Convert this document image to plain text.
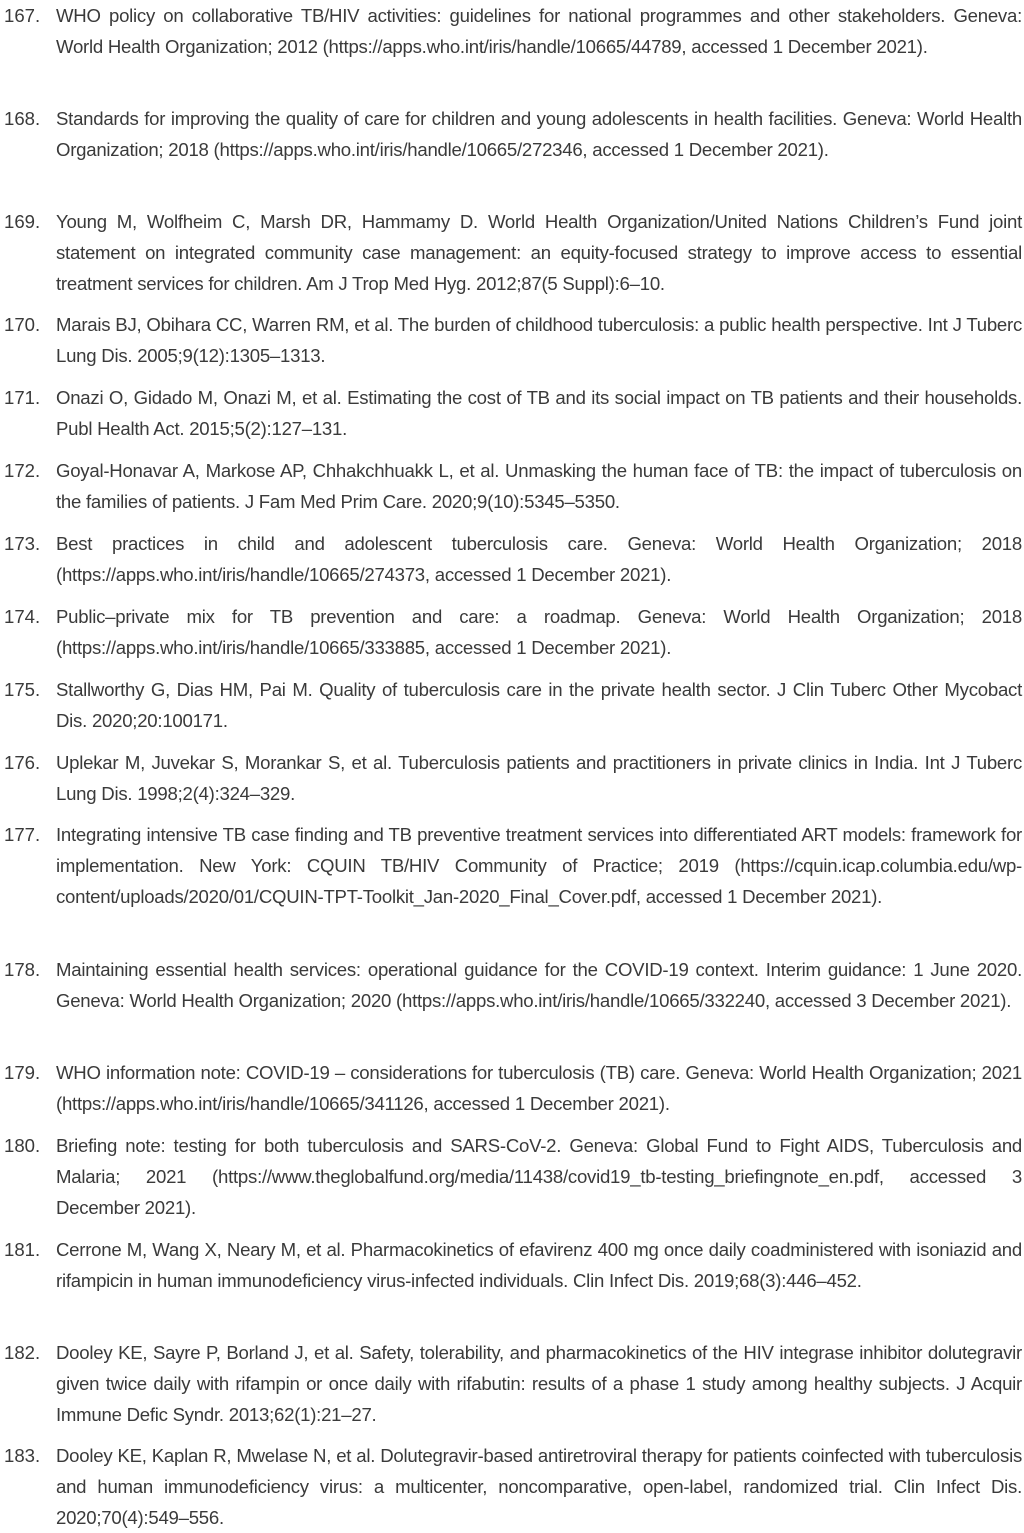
167. WHO policy on collaborative TB/HIV activities: guidelines for national programmes and other stakeholders. Geneva: World Health Organization; 2012 (https://apps.who.int/iris/handle/10665/44789, accessed 1 December 2021).

168. Standards for improving the quality of care for children and young adolescents in health facilities. Geneva: World Health Organization; 2018 (https://apps.who.int/iris/handle/10665/272346, accessed 1 December 2021).

169. Young M, Wolfheim C, Marsh DR, Hammamy D. World Health Organization/United Nations Children’s Fund joint statement on integrated community case management: an equity-focused strategy to improve access to essential treatment services for children. Am J Trop Med Hyg. 2012;87(5 Suppl):6–10.

170. Marais BJ, Obihara CC, Warren RM, et al. The burden of childhood tuberculosis: a public health perspective. Int J Tuberc Lung Dis. 2005;9(12):1305–1313.

171. Onazi O, Gidado M, Onazi M, et al. Estimating the cost of TB and its social impact on TB patients and their households. Publ Health Act. 2015;5(2):127–131.

172. Goyal-Honavar A, Markose AP, Chhakchhuakk L, et al. Unmasking the human face of TB: the impact of tuberculosis on the families of patients. J Fam Med Prim Care. 2020;9(10):5345–5350.

173. Best practices in child and adolescent tuberculosis care. Geneva: World Health Organization; 2018 (https://apps.who.int/iris/handle/10665/274373, accessed 1 December 2021).

174. Public–private mix for TB prevention and care: a roadmap. Geneva: World Health Organization; 2018 (https://apps.who.int/iris/handle/10665/333885, accessed 1 December 2021).

175. Stallworthy G, Dias HM, Pai M. Quality of tuberculosis care in the private health sector. J Clin Tuberc Other Mycobact Dis. 2020;20:100171.

176. Uplekar M, Juvekar S, Morankar S, et al. Tuberculosis patients and practitioners in private clinics in India. Int J Tuberc Lung Dis. 1998;2(4):324–329.

177. Integrating intensive TB case finding and TB preventive treatment services into differentiated ART models: framework for implementation. New York: CQUIN TB/HIV Community of Practice; 2019 (https://cquin.icap.columbia.edu/wp-content/uploads/2020/01/CQUIN-TPT-Toolkit_Jan-2020_Final_Cover.pdf, accessed 1 December 2021).

178. Maintaining essential health services: operational guidance for the COVID-19 context. Interim guidance: 1 June 2020. Geneva: World Health Organization; 2020 (https://apps.who.int/iris/handle/10665/332240, accessed 3 December 2021).

179. WHO information note: COVID-19 – considerations for tuberculosis (TB) care. Geneva: World Health Organization; 2021 (https://apps.who.int/iris/handle/10665/341126, accessed 1 December 2021).

180. Briefing note: testing for both tuberculosis and SARS-CoV-2. Geneva: Global Fund to Fight AIDS, Tuberculosis and Malaria; 2021 (https://www.theglobalfund.org/media/11438/covid19_tb-testing_briefingnote_en.pdf, accessed 3 December 2021).

181. Cerrone M, Wang X, Neary M, et al. Pharmacokinetics of efavirenz 400 mg once daily coadministered with isoniazid and rifampicin in human immunodeficiency virus-infected individuals. Clin Infect Dis. 2019;68(3):446–452.

182. Dooley KE, Sayre P, Borland J, et al. Safety, tolerability, and pharmacokinetics of the HIV integrase inhibitor dolutegravir given twice daily with rifampin or once daily with rifabutin: results of a phase 1 study among healthy subjects. J Acquir Immune Defic Syndr. 2013;62(1):21–27.

183. Dooley KE, Kaplan R, Mwelase N, et al. Dolutegravir-based antiretroviral therapy for patients coinfected with tuberculosis and human immunodeficiency virus: a multicenter, noncomparative, open-label, randomized trial. Clin Infect Dis. 2020;70(4):549–556.
